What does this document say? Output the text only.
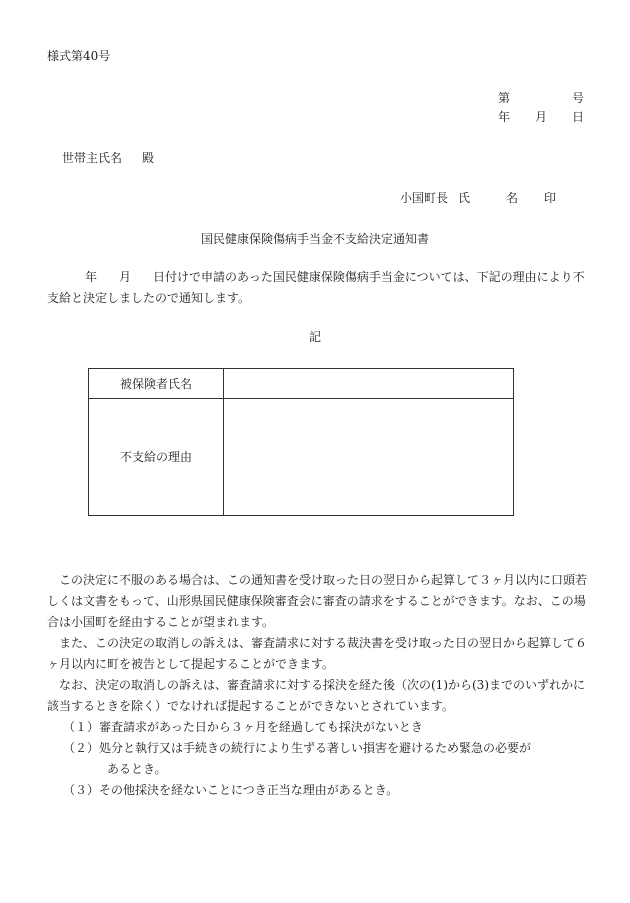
様式第40号
第	号
年 月 日
世帯主氏名 殿
小国町長 氏	名 印
国民健康保険傷病手当金不支給決定通知書
年 月 日付けで申請のあった国民健康保険傷病手当金については、下記の理由により不支給と決定しましたので通知します。
記
被保険者氏名	
不支給の理由	

この決定に不服のある場合は、この通知書を受け取った日の翌日から起算して３ヶ月以内に口頭若しくは文書をもって、山形県国民健康保険審査会に審査の請求をすることができます。なお、この場合は小国町を経由することが望まれます。

また、この決定の取消しの訴えは、審査請求に対する裁決書を受け取った日の翌日から起算して６ヶ月以内に町を被告として提起することができます。

なお、決定の取消しの訴えは、審査請求に対する採決を経た後（次の(1)から(3)までのいずれかに該当するときを除く）でなければ提起することができないとされています。

（１）審査請求があった日から３ヶ月を経過しても採決がないとき
（２）処分と執行又は手続きの続行により生ずる著しい損害を避けるため緊急の必要が
あるとき。
（３）その他採決を経ないことにつき正当な理由があるとき。
